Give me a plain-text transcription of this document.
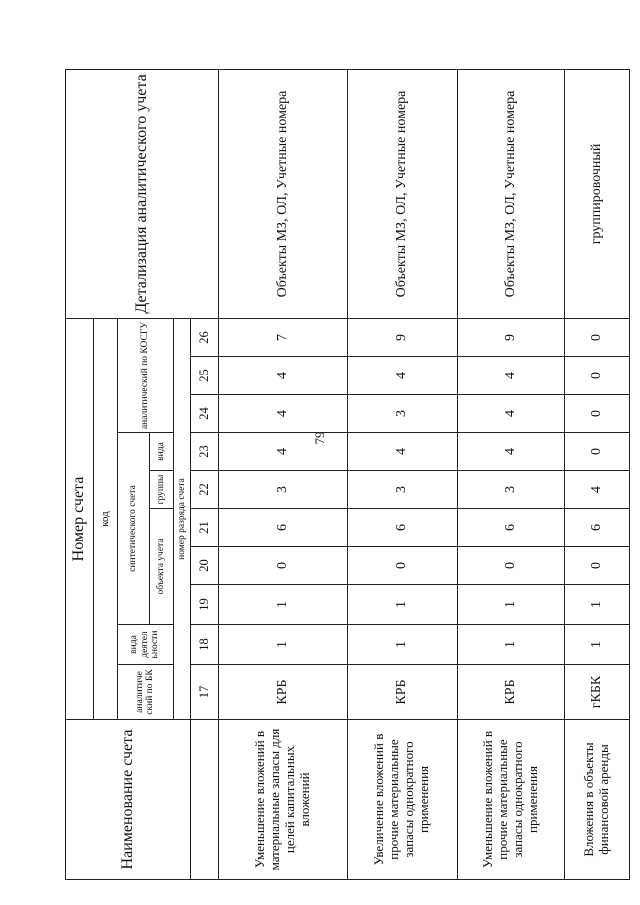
79
Наименование счета	Номер счета										Детализация аналитического учета
	код										
	аналитиче ский по БК	вида деятел ьности	синтетического счета					аналитический по КОСГУ			
			объекта учета			группы	вида				
	номер разряда счета										
	17	18	19	20	21	22	23	24	25	26	
Уменьшение вложений в материальные запасы для целей капитальных вложений	КРБ	1	1	0	6	3	4	4	4	7	Объекты МЗ, ОЛ, Учетные номера
Увеличение вложений в прочие материальные запасы однократного применения	КРБ	1	1	0	6	3	4	3	4	9	Объекты МЗ, ОЛ, Учетные номера
Уменьшение вложений в прочие материальные запасы однократного применения	КРБ	1	1	0	6	3	4	4	4	9	Объекты МЗ, ОЛ, Учетные номера
Вложения в объекты финансовой аренды	гКБК	1	1	0	6	4	0	0	0	0	группировочный
